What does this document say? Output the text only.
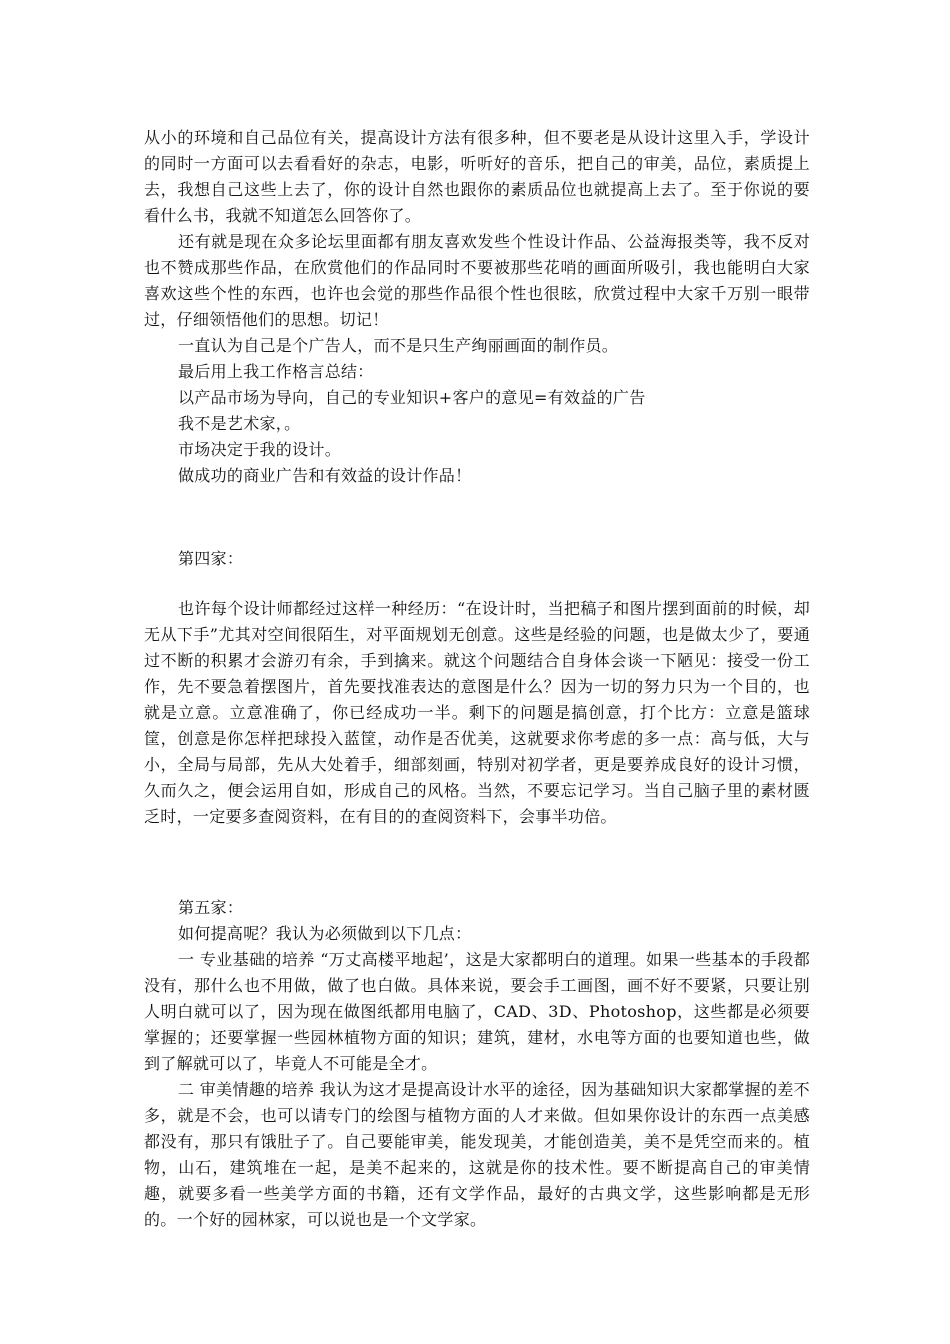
从小的环境和自己品位有关，提高设计方法有很多种，但不要老是从设计这里入手，学设计的同时一方面可以去看看好的杂志，电影，听听好的音乐，把自己的审美，品位，素质提上去，我想自己这些上去了，你的设计自然也跟你的素质品位也就提高上去了。至于你说的要看什么书，我就不知道怎么回答你了。

还有就是现在众多论坛里面都有朋友喜欢发些个性设计作品、公益海报类等，我不反对也不赞成那些作品，在欣赏他们的作品同时不要被那些花哨的画面所吸引，我也能明白大家喜欢这些个性的东西，也许也会觉的那些作品很个性也很眩，欣赏过程中大家千万别一眼带过，仔细领悟他们的思想。切记！

一直认为自己是个广告人，而不是只生产绚丽画面的制作员。

最后用上我工作格言总结：

以产品市场为导向，自己的专业知识+客户的意见=有效益的广告

我不是艺术家，。

市场决定于我的设计。

做成功的商业广告和有效益的设计作品！

第四家：

也许每个设计师都经过这样一种经历：“在设计时，当把稿子和图片摆到面前的时候，却无从下手”尤其对空间很陌生，对平面规划无创意。这些是经验的问题，也是做太少了，要通过不断的积累才会游刃有余，手到擒来。就这个问题结合自身体会谈一下陋见：接受一份工作，先不要急着摆图片，首先要找准表达的意图是什么？因为一切的努力只为一个目的，也就是立意。立意准确了，你已经成功一半。剩下的问题是搞创意，打个比方：立意是篮球筐，创意是你怎样把球投入蓝筐，动作是否优美，这就要求你考虑的多一点：高与低，大与小，全局与局部，先从大处着手，细部刻画，特别对初学者，更是要养成良好的设计习惯，久而久之，便会运用自如，形成自己的风格。当然，不要忘记学习。当自己脑子里的素材匮乏时，一定要多查阅资料，在有目的的查阅资料下，会事半功倍。

第五家：

如何提高呢？我认为必须做到以下几点：

一 专业基础的培养 “万丈高楼平地起’，这是大家都明白的道理。如果一些基本的手段都没有，那什么也不用做，做了也白做。具体来说，要会手工画图，画不好不要紧，只要让别人明白就可以了，因为现在做图纸都用电脑了，CAD、3D、Photoshop，这些都是必须要掌握的；还要掌握一些园林植物方面的知识；建筑，建材，水电等方面的也要知道也些，做到了解就可以了，毕竟人不可能是全才。

二 审美情趣的培养 我认为这才是提高设计水平的途径，因为基础知识大家都掌握的差不多，就是不会，也可以请专门的绘图与植物方面的人才来做。但如果你设计的东西一点美感都没有，那只有饿肚子了。自己要能审美，能发现美，才能创造美，美不是凭空而来的。植物，山石，建筑堆在一起，是美不起来的，这就是你的技术性。要不断提高自己的审美情趣，就要多看一些美学方面的书籍，还有文学作品，最好的古典文学，这些影响都是无形的。一个好的园林家，可以说也是一个文学家。
